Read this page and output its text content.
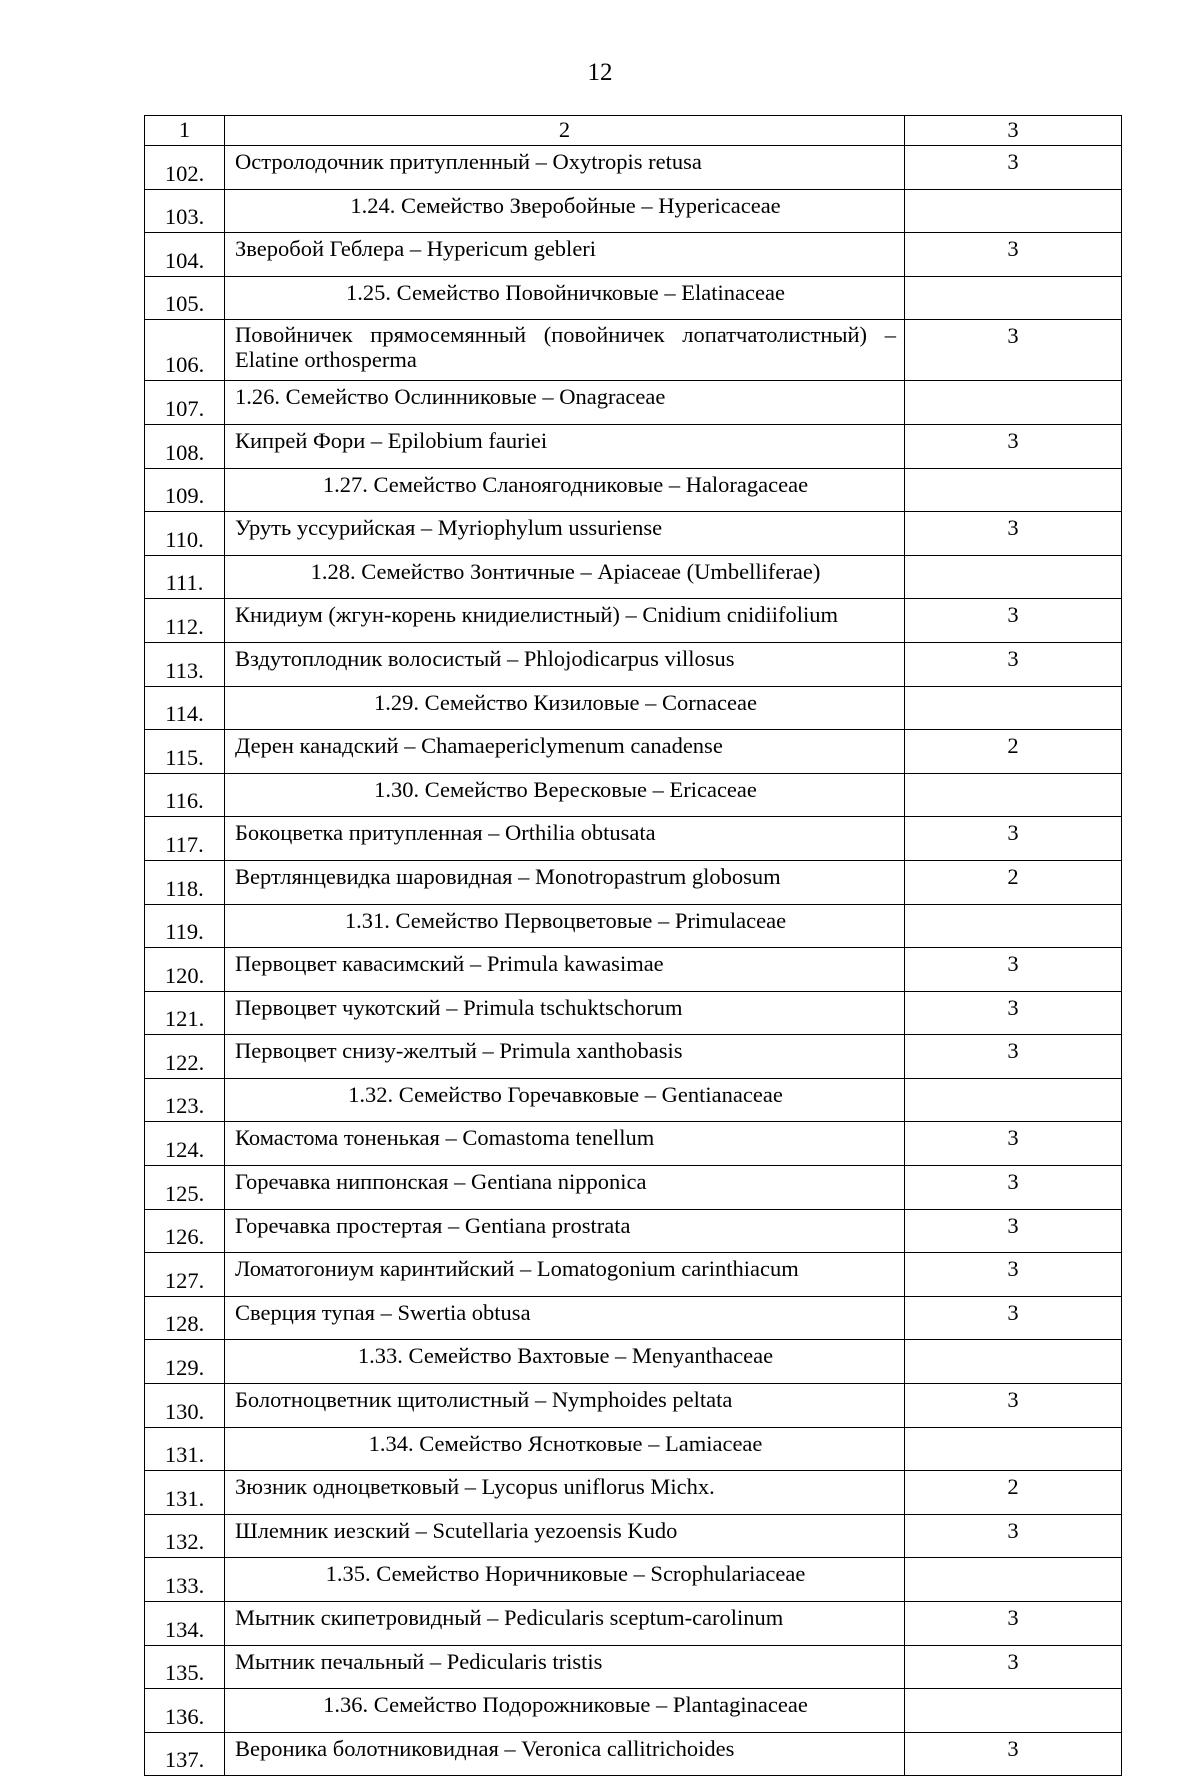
12
1	2	3
102.	Остролодочник притупленный – Oxytropis retusa	3
103.	1.24. Семейство Зверобойные – Hypericaceae	
104.	Зверобой Геблера – Hypericum gebleri	3
105.	1.25. Семейство Повойничковые – Elatinaceae	
106.	Повойничек прямосемянный (повойничек лопатчатолистный) – Elatine orthosperma	3
107.	1.26. Семейство Ослинниковые – Onagraceae	
108.	Кипрей Фори – Epilobium fauriei	3
109.	1.27. Семейство Сланоягодниковые – Haloragaceae	
110.	Уруть уссурийская – Myriophylum ussuriense	3
111.	1.28. Семейство Зонтичные – Apiaceae (Umbelliferae)	
112.	Книдиум (жгун-корень книдиелистный) – Cnidium cnidiifolium	3
113.	Вздутоплодник волосистый – Phlojodicarpus villosus	3
114.	1.29. Семейство Кизиловые – Cornaceae	
115.	Дерен канадский – Chamaepericlymenum canadense	2
116.	1.30. Семейство Вересковые – Ericaceae	
117.	Бокоцветка притупленная – Orthilia obtusata	3
118.	Вертлянцевидка шаровидная – Monotropastrum globosum	2
119.	1.31. Семейство Первоцветовые – Primulaceae	
120.	Первоцвет кавасимский – Primula kawasimae	3
121.	Первоцвет чукотский – Primula tschuktschorum	3
122.	Первоцвет снизу-желтый – Primula xanthobasis	3
123.	1.32. Семейство Горечавковые – Gentianaceae	
124.	Комастома тоненькая – Comastoma tenellum	3
125.	Горечавка ниппонская – Gentiana nipponica	3
126.	Горечавка простертая – Gentiana prostrata	3
127.	Ломатогониум каринтийский – Lomatogonium carinthiacum	3
128.	Сверция тупая – Swertia obtusa	3
129.	1.33. Семейство Вахтовые – Menyanthaceae	
130.	Болотноцветник щитолистный – Nymphoides peltata	3
131.	1.34. Семейство Яснотковые – Lamiaceae	
131.	Зюзник одноцветковый – Lycopus uniflorus Michx.	2
132.	Шлемник иезский – Scutellaria yezoensis Kudo	3
133.	1.35. Семейство Норичниковые – Scrophulariaceae	
134.	Мытник скипетровидный – Pedicularis sceptum-carolinum	3
135.	Мытник печальный – Pedicularis tristis	3
136.	1.36. Семейство Подорожниковые – Plantaginaceae	
137.	Вероника болотниковидная – Veronica callitrichoides	3
